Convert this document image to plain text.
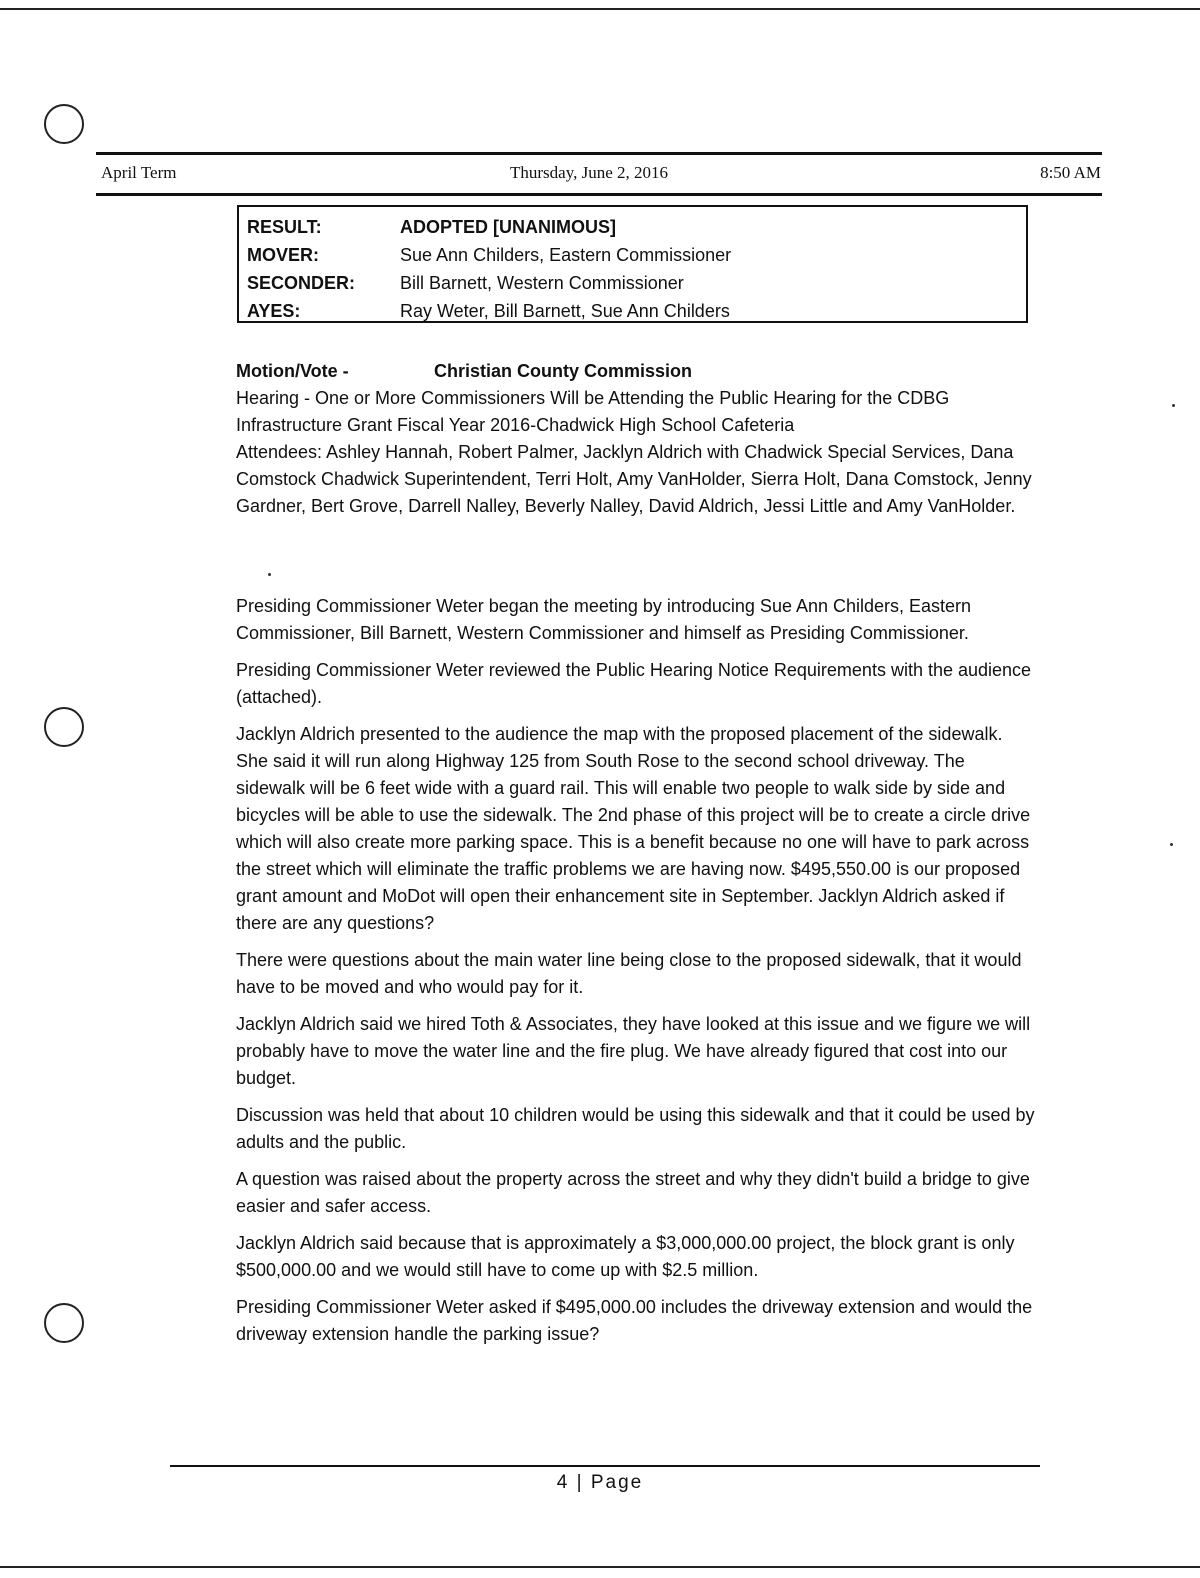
April Term	Thursday, June 2, 2016	8:50 AM
RESULT:	ADOPTED [UNANIMOUS]
MOVER:	Sue Ann Childers, Eastern Commissioner
SECONDER:	Bill Barnett, Western Commissioner
AYES:	Ray Weter, Bill Barnett, Sue Ann Childers
Motion/Vote -	Christian County Commission

Hearing - One or More Commissioners Will be Attending the Public Hearing for the CDBG Infrastructure Grant Fiscal Year 2016-Chadwick High School Cafeteria

Attendees: Ashley Hannah, Robert Palmer, Jacklyn Aldrich with Chadwick Special Services, Dana Comstock Chadwick Superintendent, Terri Holt, Amy VanHolder, Sierra Holt, Dana Comstock, Jenny Gardner, Bert Grove, Darrell Nalley, Beverly Nalley, David Aldrich, Jessi Little and Amy VanHolder.

Presiding Commissioner Weter began the meeting by introducing Sue Ann Childers, Eastern Commissioner, Bill Barnett, Western Commissioner and himself as Presiding Commissioner.

Presiding Commissioner Weter reviewed the Public Hearing Notice Requirements with the audience (attached).

Jacklyn Aldrich presented to the audience the map with the proposed placement of the sidewalk. She said it will run along Highway 125 from South Rose to the second school driveway. The sidewalk will be 6 feet wide with a guard rail. This will enable two people to walk side by side and bicycles will be able to use the sidewalk. The 2nd phase of this project will be to create a circle drive which will also create more parking space. This is a benefit because no one will have to park across the street which will eliminate the traffic problems we are having now. $495,550.00 is our proposed grant amount and MoDot will open their enhancement site in September. Jacklyn Aldrich asked if there are any questions?

There were questions about the main water line being close to the proposed sidewalk, that it would have to be moved and who would pay for it.

Jacklyn Aldrich said we hired Toth & Associates, they have looked at this issue and we figure we will probably have to move the water line and the fire plug. We have already figured that cost into our budget.

Discussion was held that about 10 children would be using this sidewalk and that it could be used by adults and the public.

A question was raised about the property across the street and why they didn't build a bridge to give easier and safer access.

Jacklyn Aldrich said because that is approximately a $3,000,000.00 project, the block grant is only $500,000.00 and we would still have to come up with $2.5 million.

Presiding Commissioner Weter asked if $495,000.00 includes the driveway extension and would the driveway extension handle the parking issue?

4 | Page
